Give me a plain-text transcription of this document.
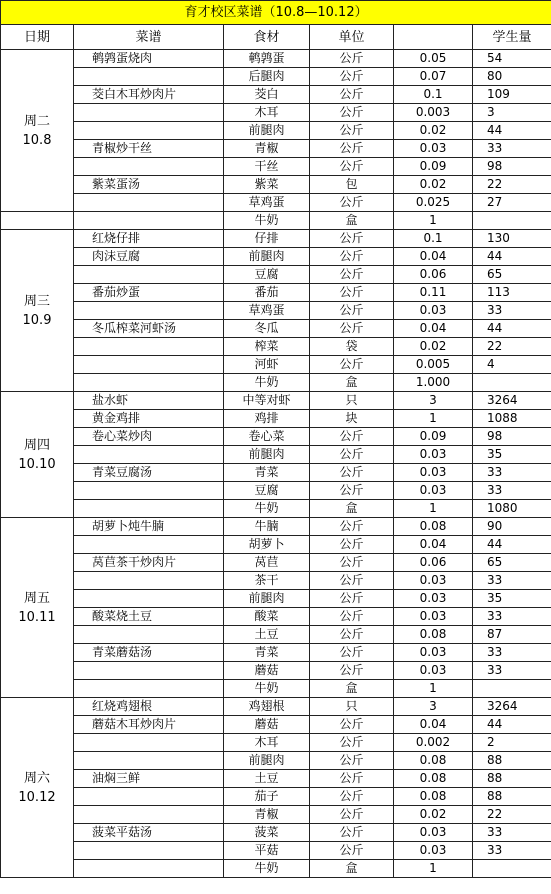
育才校区菜谱（10.8—10.12）					
日期	菜谱	食材	单位		学生量

周二
10.8	鹌鹑蛋烧肉	鹌鹑蛋	公斤	0.05	54
		后腿肉	公斤	0.07	80
	茭白木耳炒肉片	茭白	公斤	0.1	109
		木耳	公斤	0.003	3
		前腿肉	公斤	0.02	44
	青椒炒干丝	青椒	公斤	0.03	33
		干丝	公斤	0.09	98
	紫菜蛋汤	紫菜	包	0.02	22
		草鸡蛋	公斤	0.025	27

		牛奶	盒	1	

周三
10.9	红烧仔排	仔排	公斤	0.1	130
	肉沫豆腐	前腿肉	公斤	0.04	44
		豆腐	公斤	0.06	65
	番茄炒蛋	番茄	公斤	0.11	113
		草鸡蛋	公斤	0.03	33
	冬瓜榨菜河虾汤	冬瓜	公斤	0.04	44
		榨菜	袋	0.02	22
		河虾	公斤	0.005	4
		牛奶	盒	1.000	

周四
10.10	盐水虾	中等对虾	只	3	3264
	黄金鸡排	鸡排	块	1	1088
	卷心菜炒肉	卷心菜	公斤	0.09	98
		前腿肉	公斤	0.03	35
	青菜豆腐汤	青菜	公斤	0.03	33
		豆腐	公斤	0.03	33
		牛奶	盒	1	1080

周五
10.11	胡萝卜炖牛腩	牛腩	公斤	0.08	90
		胡萝卜	公斤	0.04	44
	莴苣茶干炒肉片	莴苣	公斤	0.06	65
		茶干	公斤	0.03	33
		前腿肉	公斤	0.03	35
	酸菜烧土豆	酸菜	公斤	0.03	33
		土豆	公斤	0.08	87
	青菜蘑菇汤	青菜	公斤	0.03	33
		蘑菇	公斤	0.03	33
		牛奶	盒	1	

周六
10.12	红烧鸡翅根	鸡翅根	只	3	3264
	蘑菇木耳炒肉片	蘑菇	公斤	0.04	44
		木耳	公斤	0.002	2
		前腿肉	公斤	0.08	88
	油焖三鲜	土豆	公斤	0.08	88
		茄子	公斤	0.08	88
		青椒	公斤	0.02	22
	菠菜平菇汤	菠菜	公斤	0.03	33
		平菇	公斤	0.03	33
		牛奶	盒	1	
